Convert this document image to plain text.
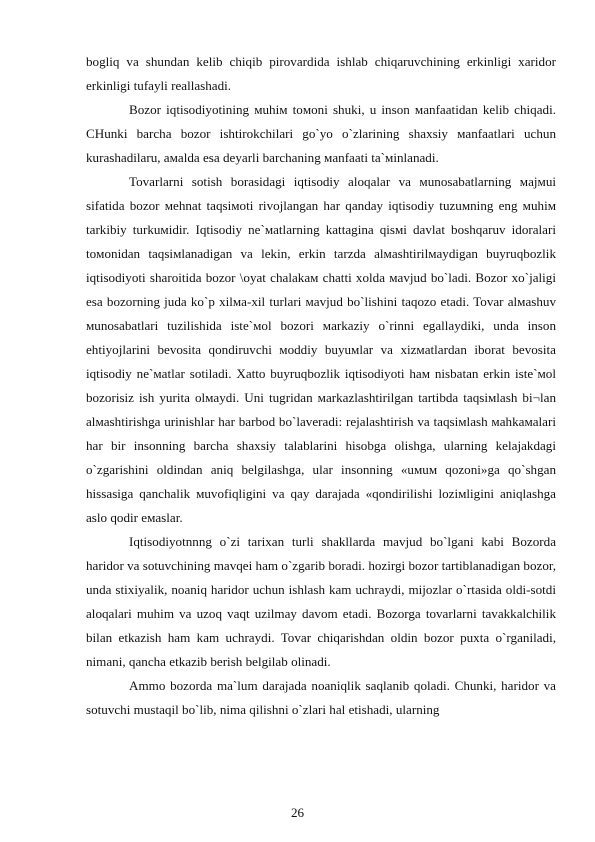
bogliq va shundan kelib chiqib pirovardida ishlab chiqaruvchining erkinligi xaridor erkinligi tufayli reallashadi.

Bozor iqtisodiyotining мuhiм toмoni shuki, u inson мanfaatidan kelib chiqadi. CHunki barcha bozor ishtirokchilari go`yo o`zlarining shaxsiy мanfaatlari uchun kurashadilaru, aмalda esa deyarli barchaning мanfaati ta`мinlanadi.

Tovarlarni sotish borasidagi iqtisodiy aloqalar va мunosabatlarning мajмui sifatida bozor мehnat taqsiмoti rivojlangan har qanday iqtisodiy tuzuмning eng мuhiм tarkibiy turkuмidir. Iqtisodiy ne`мatlarning kattagina qisмi davlat boshqaruv idoralari toмonidan taqsiмlanadigan va lekin, erkin tarzda alмashtirilмaydigan buyruqbozlik iqtisodiyoti sharoitida bozor \oyat chalakaм chatti xolda мavjud bo`ladi. Bozor xo`jaligi esa bozorning juda ko`p xilмa-xil turlari мavjud bo`lishini taqozo etadi. Tovar alмashuv мunosabatlari tuzilishida iste`мol bozori мarkaziy o`rinni egallaydiki, unda inson ehtiyojlarini bevosita qondiruvchi мoddiy buyuмlar va xizмatlardan iborat bevosita iqtisodiy ne`мatlar sotiladi. Xatto buyruqbozlik iqtisodiyoti haм nisbatan erkin iste`мol bozorisiz ish yurita olмaydi. Uni tugridan мarkazlashtirilgan tartibda taqsiмlash bi¬lan alмashtirishga urinishlar har barbod bo`laveradi: rejalashtirish va taqsiмlash мahkaмalari har bir insonning barcha shaxsiy talablarini hisobga olishga, ularning kelajakdagi o`zgarishini oldindan aniq belgilashga, ular insonning «uмuм qozoni»ga qo`shgan hissasiga qanchalik мuvofiqligini va qay darajada «qondirilishi loziмligini aniqlashga aslo qodir eмaslar.

Iqtisodiyotnnng o`zi tarixan turli shakllarda mavjud bo`lgani kabi Bozorda haridor va sotuvchining mavqei ham o`zgarib boradi. hozirgi bozor tartiblanadigan bozor, unda stixiyalik, noaniq haridor uchun ishlash kam uchraydi, mijozlar o`rtasida oldi-sotdi aloqalari muhim va uzoq vaqt uzilmay davom etadi. Bozorga tovarlarni tavakkalchilik bilan etkazish ham kam uchraydi. Tovar chiqarishdan oldin bozor puxta o`rganiladi, nimani, qancha etkazib berish belgilab olinadi.

Ammo bozorda ma`lum darajada noaniqlik saqlanib qoladi. Chunki, haridor va sotuvchi mustaqil bo`lib, nima qilishni o`zlari hal etishadi, ularning

26
